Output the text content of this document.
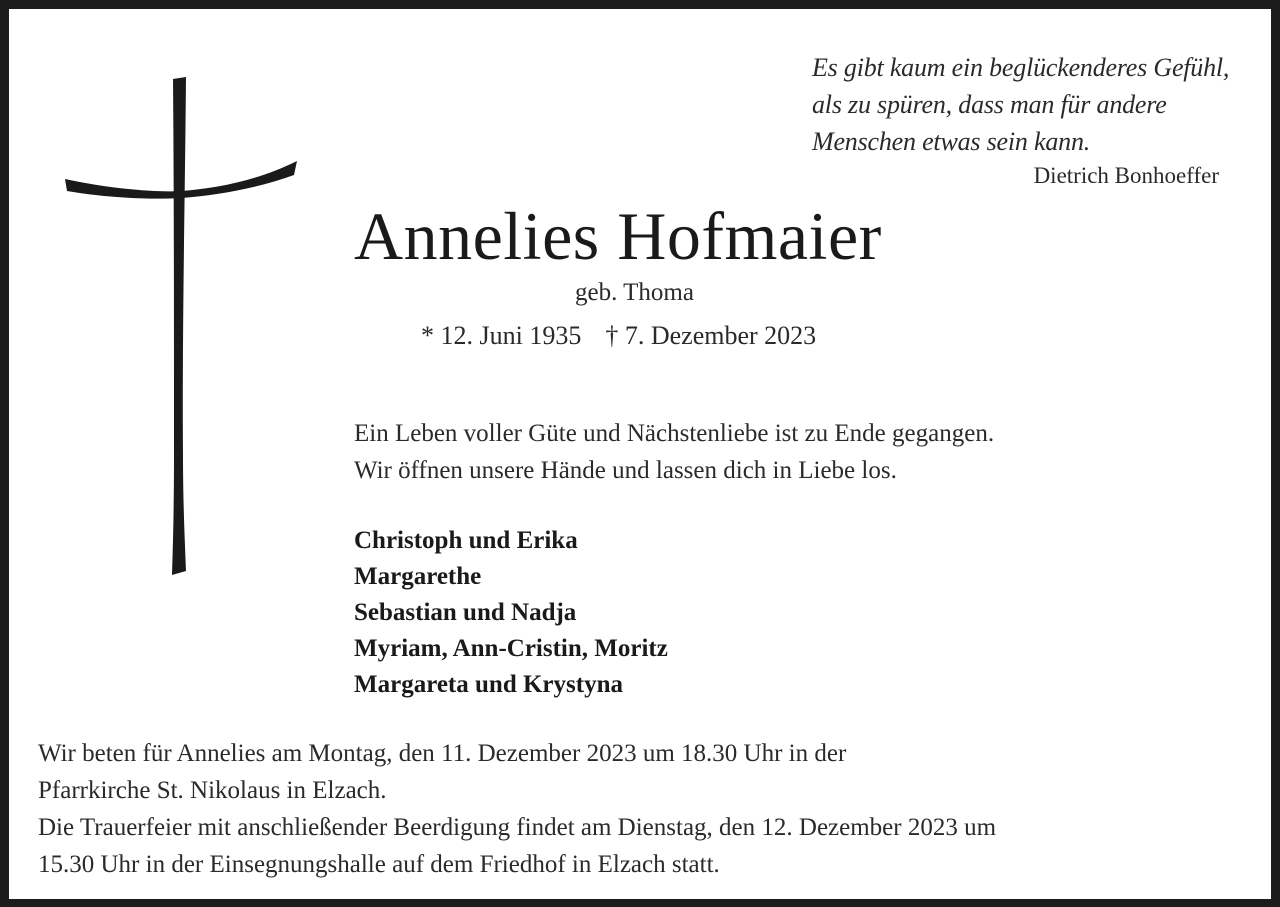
Es gibt kaum ein beglückenderes Gefühl,
als zu spüren, dass man für andere
Menschen etwas sein kann.
Dietrich Bonhoeffer
Annelies Hofmaier
geb. Thoma
* 12. Juni 1935 † 7. Dezember 2023
Ein Leben voller Güte und Nächstenliebe ist zu Ende gegangen.
Wir öffnen unsere Hände und lassen dich in Liebe los.
Christoph und Erika
Margarethe
Sebastian und Nadja
Myriam, Ann-Cristin, Moritz
Margareta und Krystyna
Wir beten für Annelies am Montag, den 11. Dezember 2023 um 18.30 Uhr in der
Pfarrkirche St. Nikolaus in Elzach.
Die Trauerfeier mit anschließender Beerdigung findet am Dienstag, den 12. Dezember 2023 um
15.30 Uhr in der Einsegnungshalle auf dem Friedhof in Elzach statt.
